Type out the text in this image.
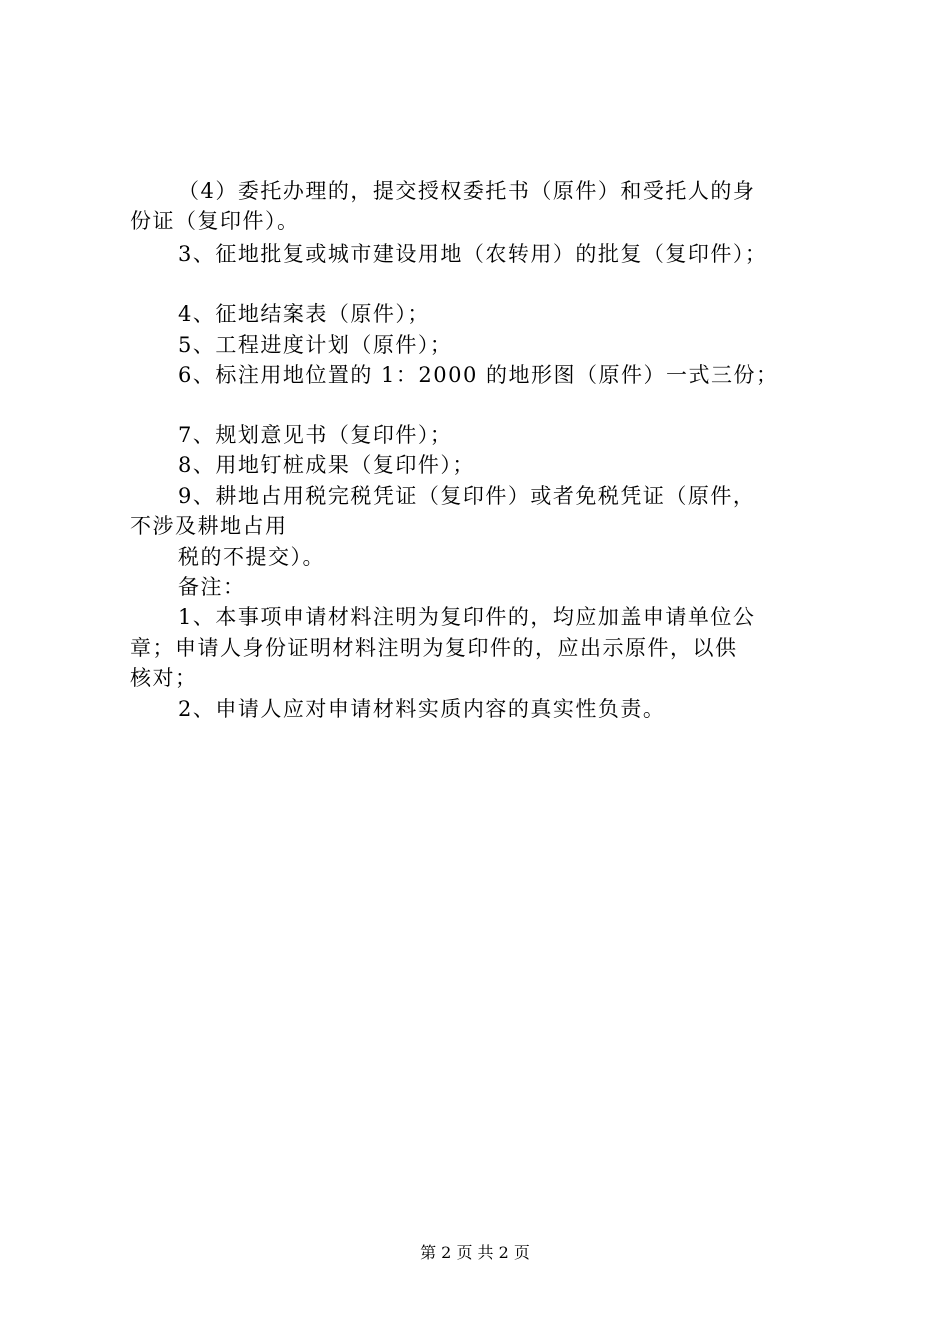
（4）委托办理的，提交授权委托书（原件）和受托人的身
份证（复印件）。
3、征地批复或城市建设用地（农转用）的批复（复印件）；
4、征地结案表（原件）；
5、工程进度计划（原件）；
6、标注用地位置的 1：2000 的地形图（原件）一式三份；
7、规划意见书（复印件）；
8、用地钉桩成果（复印件）；
9、耕地占用税完税凭证（复印件）或者免税凭证（原件，
不涉及耕地占用
税的不提交）。
备注：
1、本事项申请材料注明为复印件的，均应加盖申请单位公
章；申请人身份证明材料注明为复印件的，应出示原件，以供
核对；
2、申请人应对申请材料实质内容的真实性负责。
第 2 页 共 2 页
